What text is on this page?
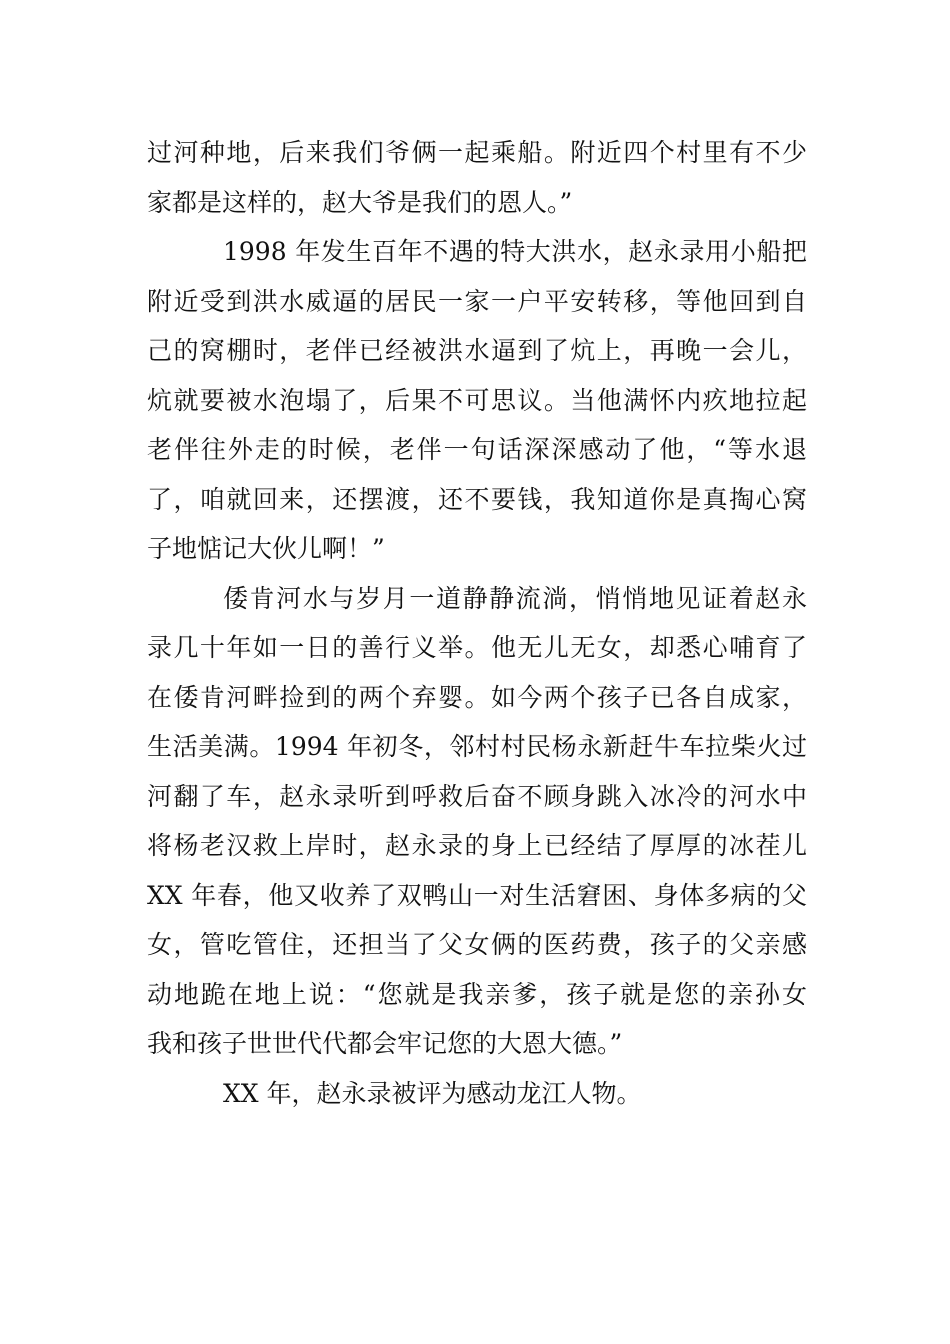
过河种地，后来我们爷俩一起乘船。附近四个村里有不少
家都是这样的，赵大爷是我们的恩人。”
1998 年发生百年不遇的特大洪水，赵永录用小船把
附近受到洪水威逼的居民一家一户平安转移，等他回到自
己的窝棚时，老伴已经被洪水逼到了炕上，再晚一会儿，
炕就要被水泡塌了，后果不可思议。当他满怀内疚地拉起
老伴往外走的时候，老伴一句话深深感动了他，“等水退
了，咱就回来，还摆渡，还不要钱，我知道你是真掏心窝
子地惦记大伙儿啊！”
倭肯河水与岁月一道静静流淌，悄悄地见证着赵永
录几十年如一日的善行义举。他无儿无女，却悉心哺育了
在倭肯河畔捡到的两个弃婴。如今两个孩子已各自成家，
生活美满。1994 年初冬，邻村村民杨永新赶牛车拉柴火过
河翻了车，赵永录听到呼救后奋不顾身跳入冰冷的河水中
将杨老汉救上岸时，赵永录的身上已经结了厚厚的冰茬儿
XX 年春，他又收养了双鸭山一对生活窘困、身体多病的父
女，管吃管住，还担当了父女俩的医药费，孩子的父亲感
动地跪在地上说：“您就是我亲爹，孩子就是您的亲孙女
我和孩子世世代代都会牢记您的大恩大德。”
XX 年，赵永录被评为感动龙江人物。
